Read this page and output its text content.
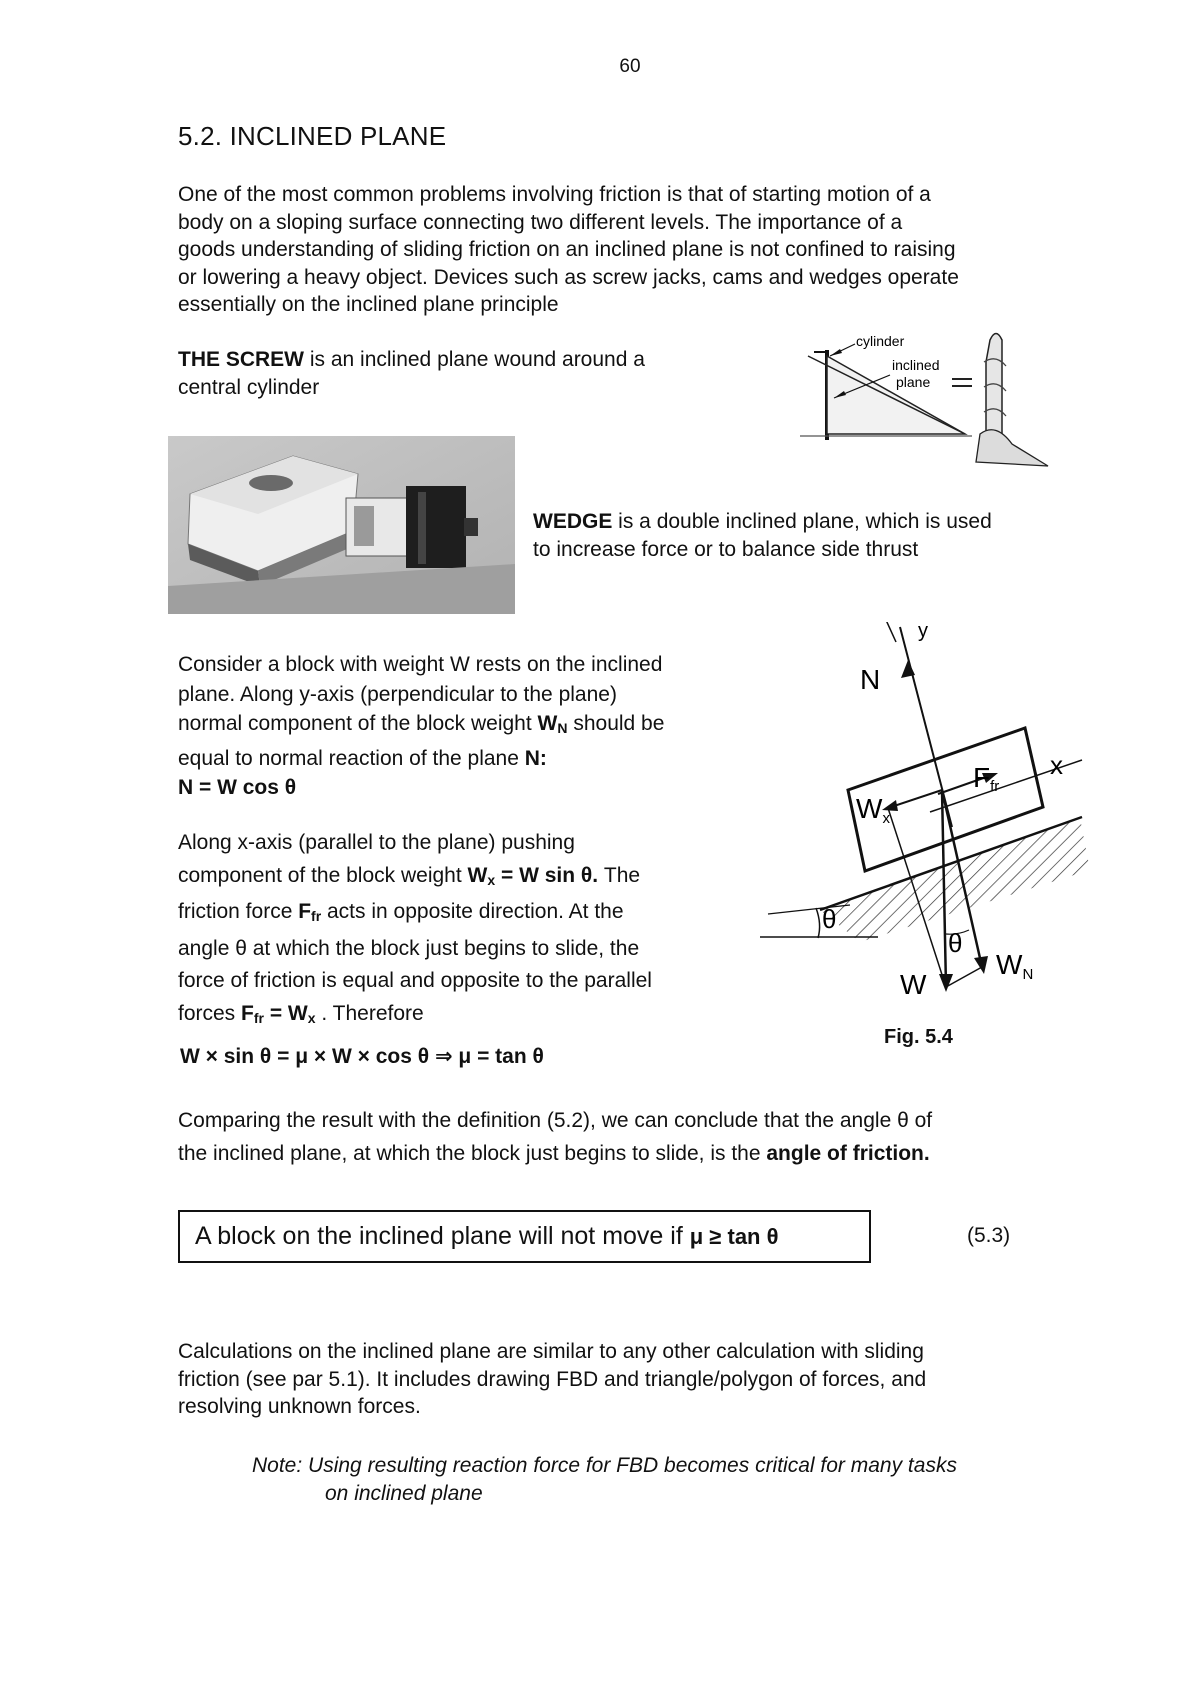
60
5.2. INCLINED PLANE
One of the most common problems involving friction is that of starting motion of a
body on a sloping surface connecting two different levels. The importance of a
goods understanding of sliding friction on an inclined plane is not confined to raising
or lowering a heavy object. Devices such as screw jacks, cams and wedges operate
essentially on the inclined plane principle
THE SCREW is an inclined plane wound around a
central cylinder
cylinder
inclined
plane
WEDGE is a double inclined plane, which is used
to increase force or to balance side thrust
Consider a block with weight W rests on the inclined
plane. Along y-axis (perpendicular to the plane)
normal component of the block weight $W_N$ should be
equal to normal reaction of the plane N:
N = W cos θ
Along x-axis (parallel to the plane) pushing
component of the block weight $W_x = W$ sin θ. The
friction force $F_{fr}$ acts in opposite direction. At the
angle θ at which the block just begins to slide, the
force of friction is equal and opposite to the parallel
forces $F_{fr} = W_x$ . Therefore
W × sin θ = μ × W × cos θ ⇒ μ = tan θ
y
N
x
Ffr
Wx
θ
θ
W
WN
Fig. 5.4
Comparing the result with the definition (5.2), we can conclude that the angle θ of
the inclined plane, at which the block just begins to slide, is the angle of friction.
A block on the inclined plane will not move if μ ≥ tan θ	(5.3)
Calculations on the inclined plane are similar to any other calculation with sliding
friction (see par 5.1). It includes drawing FBD and triangle/polygon of forces, and
resolving unknown forces.
Note: Using resulting reaction force for FBD becomes critical for many tasks
on inclined plane
